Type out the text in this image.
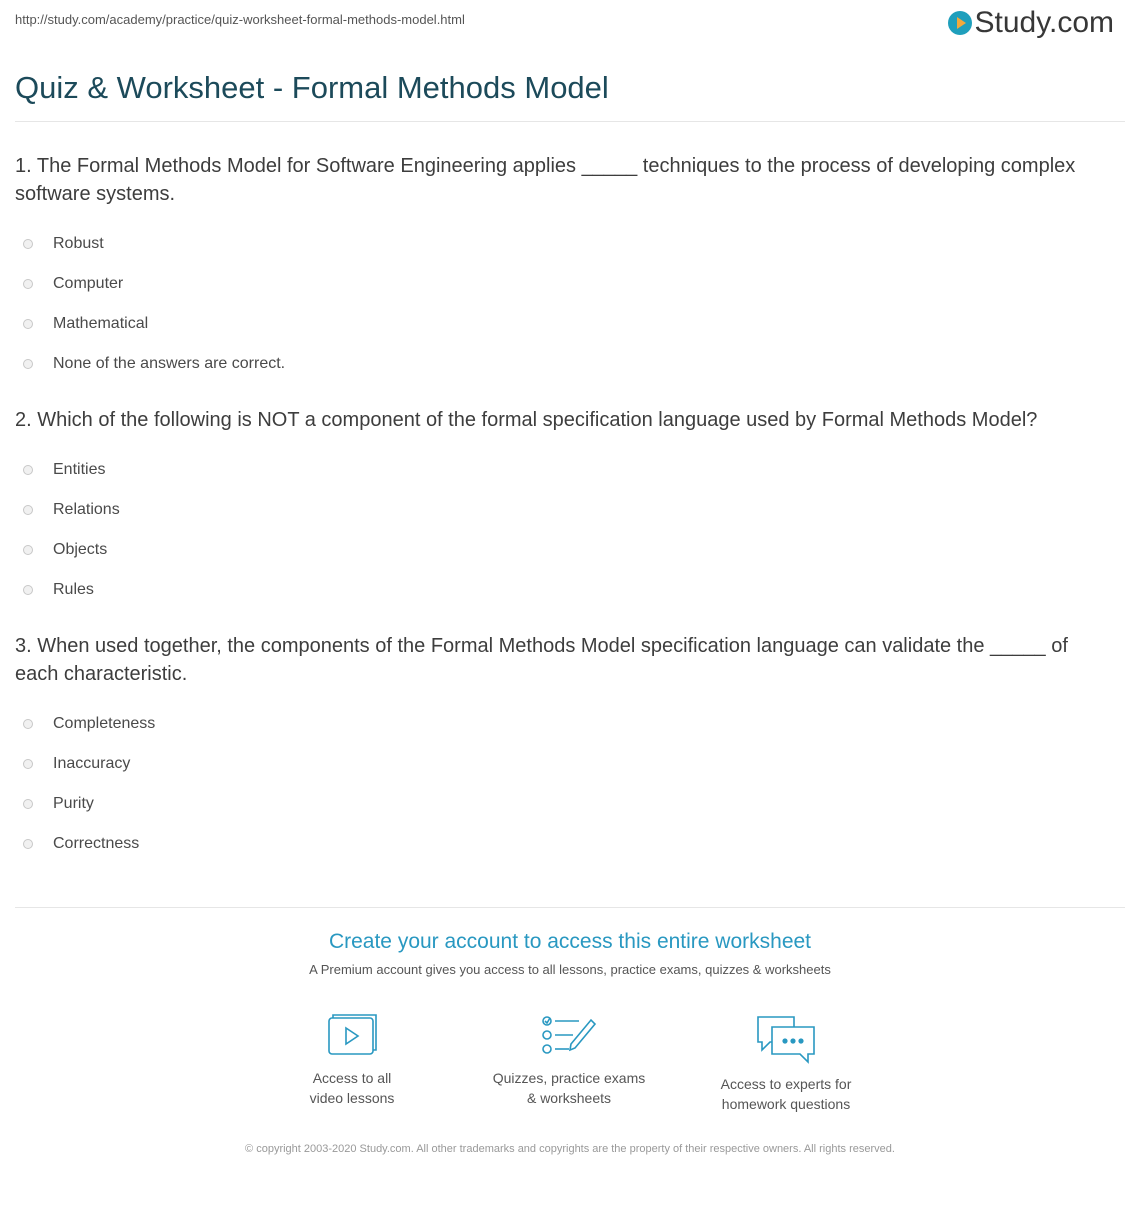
http://study.com/academy/practice/quiz-worksheet-formal-methods-model.html	Study.com
Quiz & Worksheet - Formal Methods Model

1. The Formal Methods Model for Software Engineering applies _____ techniques to the process of developing complex software systems.

Robust
Computer
Mathematical
None of the answers are correct.

2. Which of the following is NOT a component of the formal specification language used by Formal Methods Model?

Entities
Relations
Objects
Rules

3. When used together, the components of the Formal Methods Model specification language can validate the _____ of each characteristic.

Completeness
Inaccuracy
Purity
Correctness
Create your account to access this entire worksheet
A Premium account gives you access to all lessons, practice exams, quizzes & worksheets
Access to all
video lessons
Quizzes, practice exams
& worksheets
Access to experts for
homework questions
© copyright 2003-2020 Study.com. All other trademarks and copyrights are the property of their respective owners. All rights reserved.
